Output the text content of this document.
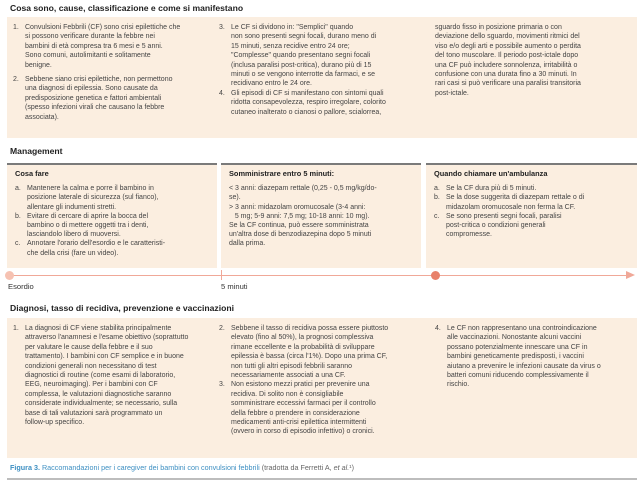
Cosa sono, cause, classificazione e come si manifestano
1. Convulsioni Febbrili (CF) sono crisi epilettiche che
si possono verificare durante la febbre nei
bambini di età compresa tra 6 mesi e 5 anni.
Sono comuni, autolimitanti e solitamente
benigne.
2. Sebbene siano crisi epilettiche, non permettono
una diagnosi di epilessia. Sono causate da
predisposizione genetica e fattori ambientali
(spesso infezioni virali che causano la febbre
associata).
3. Le CF si dividono in: "Semplici" quando
non sono presenti segni focali, durano meno di
15 minuti, senza recidive entro 24 ore;
"Complesse" quando presentano segni focali
(inclusa paralisi post-critica), durano più di 15
minuti o se vengono interrotte da farmaci, e se
recidivano entro le 24 ore.
4. Gli episodi di CF si manifestano con sintomi quali
ridotta consapevolezza, respiro irregolare, colorito
cutaneo inalterato o cianosi o pallore, scialorrea,
sguardo fisso in posizione primaria o con
deviazione dello sguardo, movimenti ritmici del
viso e/o degli arti e possibile aumento o perdita
del tono muscolare. Il periodo post-ictale dopo
una CF può includere sonnolenza, irritabilità o
confusione con una durata fino a 30 minuti. In
rari casi si può verificare una paralisi transitoria
post-ictale.
Management
Cosa fare
a. Mantenere la calma e porre il bambino in
posizione laterale di sicurezza (sul fianco),
allentare gli indumenti stretti.
b. Evitare di cercare di aprire la bocca del
bambino o di mettere oggetti tra i denti,
lasciandolo libero di muoversi.
c. Annotare l'orario dell'esordio e le caratteristi-
che della crisi (fare un video).
Somministrare entro 5 minuti:
< 3 anni: diazepam rettale (0,25 - 0,5 mg/kg/do-
se).
> 3 anni: midazolam oromucosale (3-4 anni:
5 mg; 5-9 anni: 7,5 mg; 10-18 anni: 10 mg).
Se la CF continua, può essere somministrata
un'altra dose di benzodiazepina dopo 5 minuti
dalla prima.
Quando chiamare un'ambulanza
a. Se la CF dura più di 5 minuti.
b. Se la dose suggerita di diazepam rettale o di
midazolam oromucosale non ferma la CF.
c. Se sono presenti segni focali, paralisi
post-critica o condizioni generali
compromesse.
Esordio	5 minuti
Diagnosi, tasso di recidiva, prevenzione e vaccinazioni
1. La diagnosi di CF viene stabilita principalmente
attraverso l'anamnesi e l'esame obiettivo (soprattutto
per valutare le cause della febbre e il suo
trattamento). I bambini con CF semplice e in buone
condizioni generali non necessitano di test
diagnostici di routine (come esami di laboratorio,
EEG, neuroimaging). Per i bambini con CF
complessa, le valutazioni diagnostiche saranno
considerate individualmente; se necessario, sulla
base di tali valutazioni sarà programmato un
follow-up specifico.
2. Sebbene il tasso di recidiva possa essere piuttosto
elevato (fino al 50%), la prognosi complessiva
rimane eccellente e la probabilità di sviluppare
epilessia è bassa (circa l'1%). Dopo una prima CF,
non tutti gli altri episodi febbrili saranno
necessariamente associati a una CF.
3. Non esistono mezzi pratici per prevenire una
recidiva. Di solito non è consigliabile
somministrare eccessivi farmaci per il controllo
della febbre o prendere in considerazione
medicamenti anti-crisi epilettica intermittenti
(ovvero in corso di episodio infettivo) o cronici.
4. Le CF non rappresentano una controindicazione
alle vaccinazioni. Nonostante alcuni vaccini
possano potenzialmente innescare una CF in
bambini geneticamente predisposti, i vaccini
aiutano a prevenire le infezioni causate da virus o
batteri comuni riducendo complessivamente il
rischio.
Figura 3. Raccomandazioni per i caregiver dei bambini con convulsioni febbrili (tradotta da Ferretti A, et al.¹)
